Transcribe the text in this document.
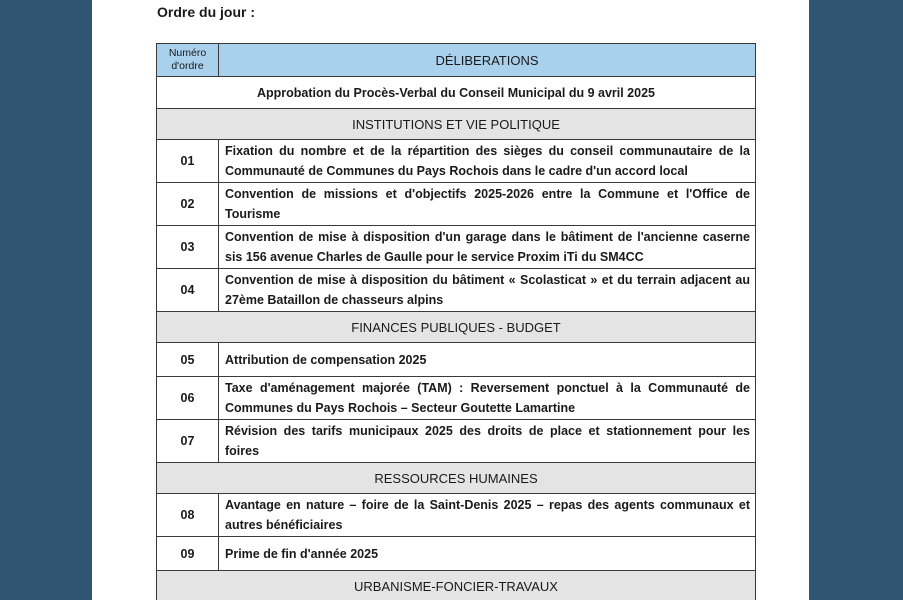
Ordre du jour :
Numéro d'ordre	DÉLIBERATIONS
Approbation du Procès-Verbal du Conseil Municipal du 9 avril 2025	
INSTITUTIONS ET VIE POLITIQUE	
01	Fixation du nombre et de la répartition des sièges du conseil communautaire de la Communauté de Communes du Pays Rochois dans le cadre d'un accord local
02	Convention de missions et d'objectifs 2025-2026 entre la Commune et l'Office de Tourisme
03	Convention de mise à disposition d'un garage dans le bâtiment de l'ancienne caserne sis 156 avenue Charles de Gaulle pour le service Proxim iTi du SM4CC
04	Convention de mise à disposition du bâtiment « Scolasticat » et du terrain adjacent au 27ème Bataillon de chasseurs alpins
FINANCES PUBLIQUES - BUDGET	
05	Attribution de compensation 2025
06	Taxe d'aménagement majorée (TAM) : Reversement ponctuel à la Communauté de Communes du Pays Rochois – Secteur Goutette Lamartine
07	Révision des tarifs municipaux 2025 des droits de place et stationnement pour les foires
RESSOURCES HUMAINES	
08	Avantage en nature – foire de la Saint-Denis 2025 – repas des agents communaux et autres bénéficiaires
09	Prime de fin d'année 2025
URBANISME-FONCIER-TRAVAUX	
